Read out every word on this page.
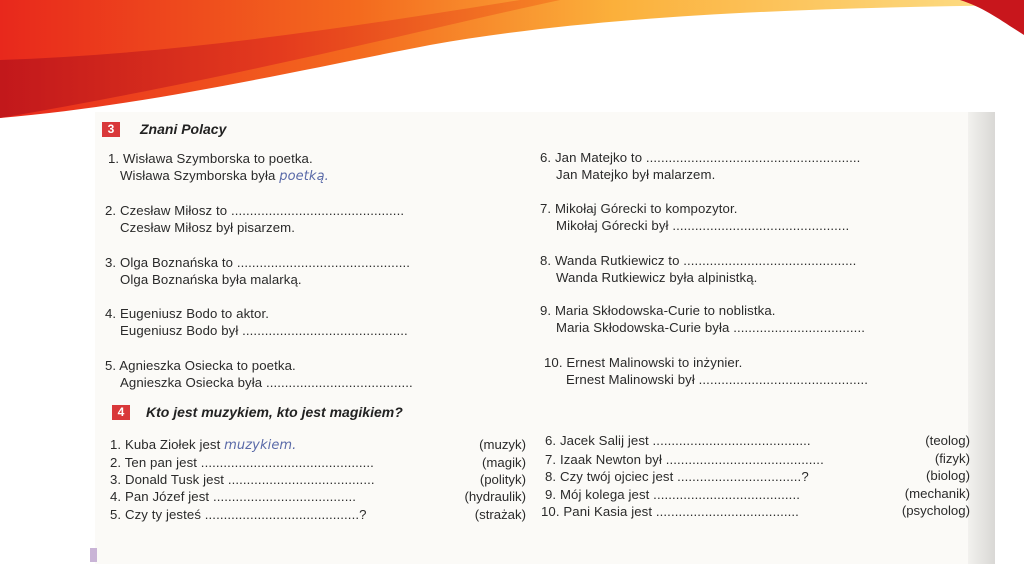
3	Znani Polacy
1. Wisława Szymborska to poetka.
Wisława Szymborska była poetką.
2. Czesław Miłosz to ..............................................
Czesław Miłosz był pisarzem.
3. Olga Boznańska to ..............................................
Olga Boznańska była malarką.
4. Eugeniusz Bodo to aktor.
Eugeniusz Bodo był ............................................
5. Agnieszka Osiecka to poetka.
Agnieszka Osiecka była .......................................
6. Jan Matejko to .........................................................
Jan Matejko był malarzem.
7. Mikołaj Górecki to kompozytor.
Mikołaj Górecki był ...............................................
8. Wanda Rutkiewicz to ..............................................
Wanda Rutkiewicz była alpinistką.
9. Maria Skłodowska-Curie to noblistka.
Maria Skłodowska-Curie była ...................................
10. Ernest Malinowski to inżynier.
Ernest Malinowski był .............................................
4	Kto jest muzykiem, kto jest magikiem?
1. Kuba Ziołek jest muzykiem.	(muzyk)
2. Ten pan jest ..............................................	(magik)
3. Donald Tusk jest .......................................	(polityk)
4. Pan Józef jest ......................................	(hydraulik)
5. Czy ty jesteś .........................................?	(strażak)
6. Jacek Salij jest ..........................................	(teolog)
7. Izaak Newton był ..........................................	(fizyk)
8. Czy twój ojciec jest .................................?	(biolog)
9. Mój kolega jest .......................................	(mechanik)
10. Pani Kasia jest ......................................	(psycholog)
